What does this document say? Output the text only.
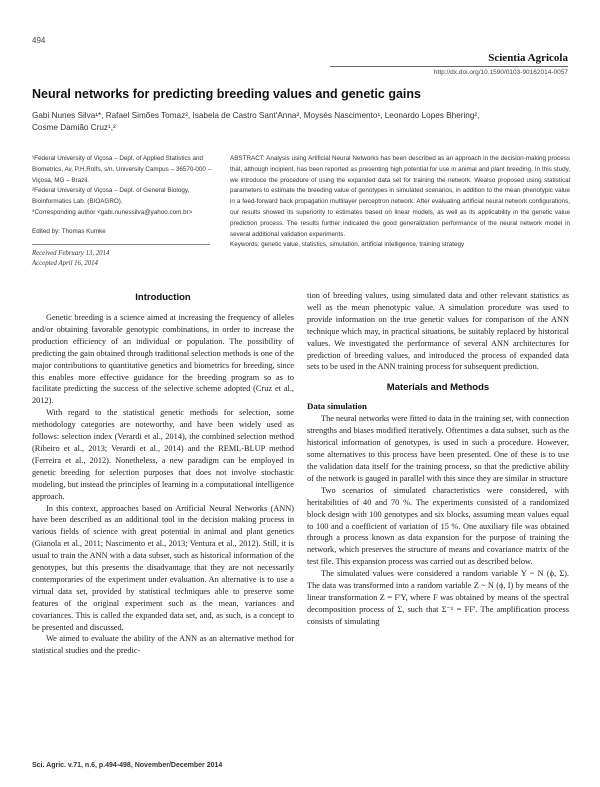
494
Scientia Agricola
http://dx.doi.org/10.1590/0103-90162014-0057
Neural networks for predicting breeding values and genetic gains
Gabi Nunes Silva¹*, Rafael Simões Tomaz², Isabela de Castro Sant'Anna², Moysés Nascimento¹, Leonardo Lopes Bhering²,
Cosme Damião Cruz¹,²

¹Federal University of Viçosa – Dept. of Applied Statistics and Biometrics, Av. P.H.Rolfs, s/n, University Campus – 36570-000 – Viçosa, MG – Brazil.

²Federal University of Viçosa – Dept. of General Biology, Bioinformatics Lab. (BIOAGRO).

*Corresponding author <gabi.nunessilva@yahoo.com.br>

Edited by: Thomas Kumke

Received February 13, 2014
Accepted April 16, 2014

ABSTRACT: Analysis using Artificial Neural Networks has been described as an approach in the decision-making process that, although incipient, has been reported as presenting high potential for use in animal and plant breeding. In this study, we introduce the procedure of using the expanded data set for training the network. Wealso proposed using statistical parameters to estimate the breeding value of genotypes in simulated scenarios, in addition to the mean phenotypic value in a feed-forward back propagation multilayer perceptron network. After evaluating artificial neural network configurations, our results showed its superiority to estimates based on linear models, as well as its applicability in the genetic value prediction process. The results further indicated the good generalization performance of the neural network model in several additional validation experiments.

Keywords: genetic value, statistics, simulation, artificial intelligence, training strategy

Introduction

Genetic breeding is a science aimed at increasing the frequency of alleles and/or obtaining favorable genotypic combinations, in order to increase the production efficiency of an individual or population. The possibility of predicting the gain obtained through traditional selection methods is one of the major contributions to quantitative genetics and biometrics for breeding, since this enables more effective guidance for the breeding program so as to facilitate predicting the success of the selective scheme adopted (Cruz et al., 2012).

With regard to the statistical genetic methods for selection, some methodology categories are noteworthy, and have been widely used as follows: selection index (Verardi et al., 2014), the combined selection method (Ribeiro et al., 2013; Verardi et al., 2014) and the REML-BLUP method (Ferreira et al., 2012). Nonetheless, a new paradigm can be employed in genetic breeding for selection purposes that does not involve stochastic modeling, but instead the principles of learning in a computational intelligence approach.

In this context, approaches based on Artificial Neural Networks (ANN) have been described as an additional tool in the decision making process in various fields of science with great potential in animal and plant genetics (Gianola et al., 2011; Nascimento et al., 2013; Ventura et al., 2012). Still, it is usual to train the ANN with a data subset, such as historical information of the genotypes, but this presents the disadvantage that they are not necessarily contemporaries of the experiment under evaluation. An alternative is to use a virtual data set, provided by statistical techniques able to preserve some features of the original experiment such as the mean, variances and covariances. This is called the expanded data set, and, as such, is a concept to be presented and discussed.

We aimed to evaluate the ability of the ANN as an alternative method for statistical studies and the predic-

tion of breeding values, using simulated data and other relevant statistics as well as the mean phenotypic value. A simulation procedure was used to provide information on the true genetic values for comparison of the ANN technique which may, in practical situations, be suitably replaced by historical values. We investigated the performance of several ANN architectures for prediction of breeding values, and introduced the process of expanded data sets to be used in the ANN training process for subsequent prediction.

Materials and Methods
Data simulation

The neural networks were fitted to data in the training set, with connection strengths and biases modified iteratively. Oftentimes a data subset, such as the historical information of genotypes, is used in such a procedure. However, some alternatives to this process have been presented. One of these is to use the validation data itself for the training process, so that the predictive ability of the network is gauged in parallel with this since they are similar in structure

Two scenarios of simulated characteristics were considered, with heritabilities of 40 and 70 %. The experiments consisted of a randomized block design with 100 genotypes and six blocks, assuming mean values equal to 100 and a coefficient of variation of 15 %. One auxiliary file was obtained through a process known as data expansion for the purpose of training the network, which preserves the structure of means and covariance matrix of the test file. This expansion process was carried out as described below.

The simulated values were considered a random variable Y ~ N (ϕ, Σ). The data was transformed into a random variable Z ~ N (ϕ, I) by means of the linear transformation Z = F'Y, where F was obtained by means of the spectral decomposition process of Σ, such that Σ⁻¹ = FF'. The amplification process consists of simulating

Sci. Agric. v.71, n.6, p.494-498, November/December 2014
